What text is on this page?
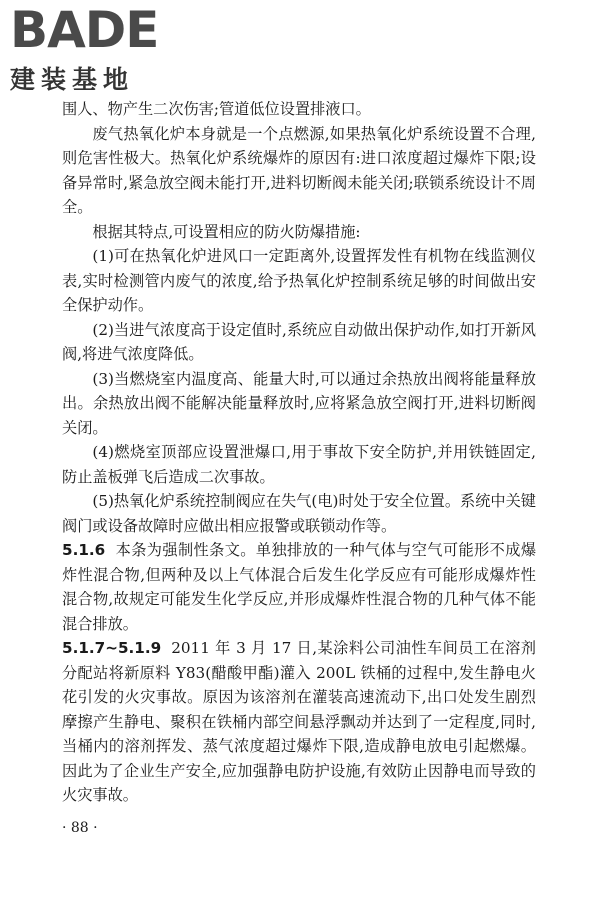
BADE
建装基地

围人、物产生二次伤害;管道低位设置排液口。

废气热氧化炉本身就是一个点燃源,如果热氧化炉系统设置不合理,则危害性极大。热氧化炉系统爆炸的原因有:进口浓度超过爆炸下限;设备异常时,紧急放空阀未能打开,进料切断阀未能关闭;联锁系统设计不周全。

根据其特点,可设置相应的防火防爆措施:

(1)可在热氧化炉进风口一定距离外,设置挥发性有机物在线监测仪表,实时检测管内废气的浓度,给予热氧化炉控制系统足够的时间做出安全保护动作。

(2)当进气浓度高于设定值时,系统应自动做出保护动作,如打开新风阀,将进气浓度降低。

(3)当燃烧室内温度高、能量大时,可以通过余热放出阀将能量释放出。余热放出阀不能解决能量释放时,应将紧急放空阀打开,进料切断阀关闭。

(4)燃烧室顶部应设置泄爆口,用于事故下安全防护,并用铁链固定,防止盖板弹飞后造成二次事故。

(5)热氧化炉系统控制阀应在失气(电)时处于安全位置。系统中关键阀门或设备故障时应做出相应报警或联锁动作等。

5.1.6 本条为强制性条文。单独排放的一种气体与空气可能形不成爆炸性混合物,但两种及以上气体混合后发生化学反应有可能形成爆炸性混合物,故规定可能发生化学反应,并形成爆炸性混合物的几种气体不能混合排放。

5.1.7~5.1.9 2011 年 3 月 17 日,某涂料公司油性车间员工在溶剂分配站将新原料 Y83(醋酸甲酯)灌入 200L 铁桶的过程中,发生静电火花引发的火灾事故。原因为该溶剂在灌装高速流动下,出口处发生剧烈摩擦产生静电、聚积在铁桶内部空间悬浮飘动并达到了一定程度,同时,当桶内的溶剂挥发、蒸气浓度超过爆炸下限,造成静电放电引起燃爆。因此为了企业生产安全,应加强静电防护设施,有效防止因静电而导致的火灾事故。

· 88 ·
